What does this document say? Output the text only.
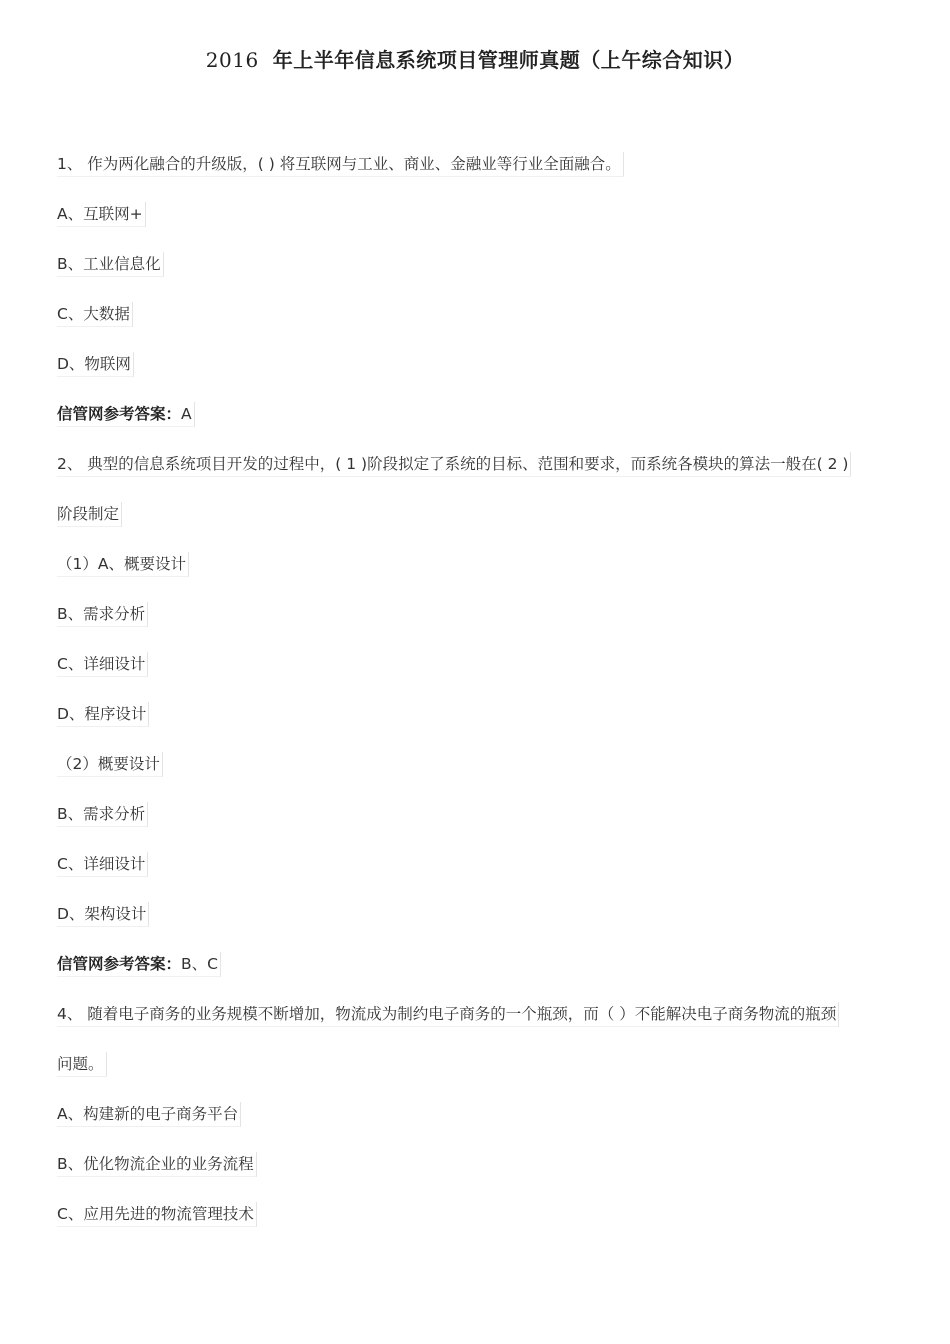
2016 年上半年信息系统项目管理师真题（上午综合知识）
1、 作为两化融合的升级版，( ) 将互联网与工业、商业、金融业等行业全面融合。
A、互联网+
B、工业信息化
C、大数据
D、物联网
信管网参考答案：A
2、 典型的信息系统项目开发的过程中，( 1 )阶段拟定了系统的目标、范围和要求，而系统各模块的算法一般在( 2 )
阶段制定
（1）A、概要设计
B、需求分析
C、详细设计
D、程序设计
（2）概要设计
B、需求分析
C、详细设计
D、架构设计
信管网参考答案：B、C
4、 随着电子商务的业务规模不断增加，物流成为制约电子商务的一个瓶颈，而（ ）不能解决电子商务物流的瓶颈
问题。
A、构建新的电子商务平台
B、优化物流企业的业务流程
C、应用先进的物流管理技术
